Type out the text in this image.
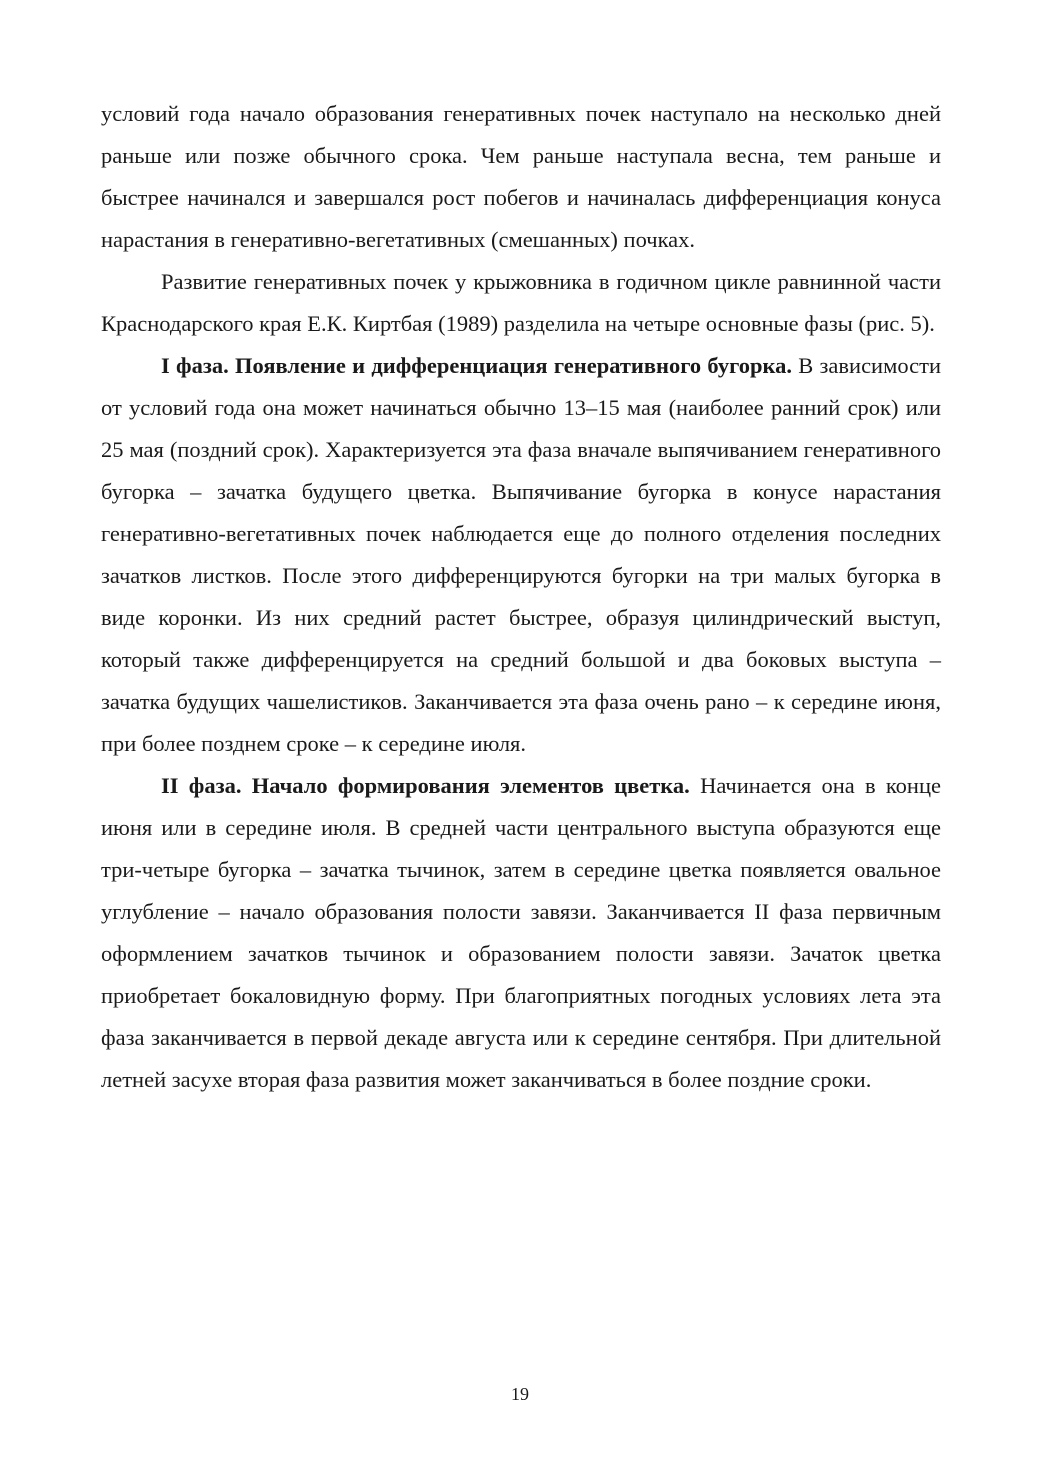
условий года начало образования генеративных почек наступало на несколько дней раньше или позже обычного срока. Чем раньше наступала весна, тем раньше и быстрее начинался и завершался рост побегов и начиналась дифференциация конуса нарастания в генеративно-вегетативных (смешанных) почках.

Развитие генеративных почек у крыжовника в годичном цикле равнинной части Краснодарского края Е.К. Киртбая (1989) разделила на четыре основные фазы (рис. 5).

I фаза. Появление и дифференциация генеративного бугорка. В зависимости от условий года она может начинаться обычно 13–15 мая (наиболее ранний срок) или 25 мая (поздний срок). Характеризуется эта фаза вначале выпячиванием генеративного бугорка – зачатка будущего цветка. Выпячивание бугорка в конусе нарастания генеративно-вегетативных почек наблюдается еще до полного отделения последних зачатков листков. После этого дифференцируются бугорки на три малых бугорка в виде коронки. Из них средний растет быстрее, образуя цилиндрический выступ, который также дифференцируется на средний большой и два боковых выступа – зачатка будущих чашелистиков. Заканчивается эта фаза очень рано – к середине июня, при более позднем сроке – к середине июля.

II фаза. Начало формирования элементов цветка. Начинается она в конце июня или в середине июля. В средней части центрального выступа образуются еще три-четыре бугорка – зачатка тычинок, затем в середине цветка появляется овальное углубление – начало образования полости завязи. Заканчивается II фаза первичным оформлением зачатков тычинок и образованием полости завязи. Зачаток цветка приобретает бокаловидную форму. При благоприятных погодных условиях лета эта фаза заканчивается в первой декаде августа или к середине сентября. При длительной летней засухе вторая фаза развития может заканчиваться в более поздние сроки.

19
